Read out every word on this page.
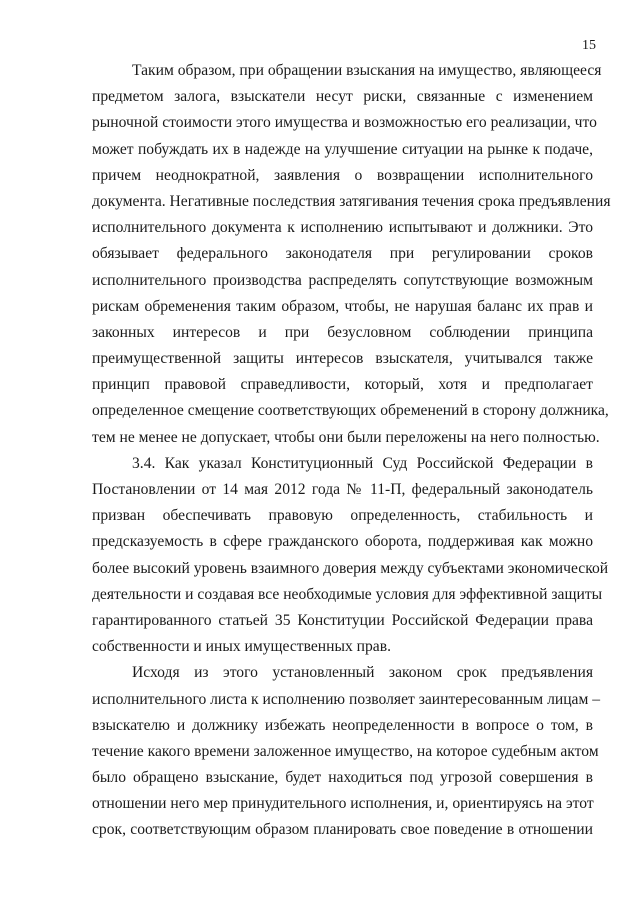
15
Таким образом, при обращении взыскания на имущество, являющееся
предметом залога, взыскатели несут риски, связанные с изменением
рыночной стоимости этого имущества и возможностью его реализации, что
может побуждать их в надежде на улучшение ситуации на рынке к подаче,
причем неоднократной, заявления о возвращении исполнительного
документа. Негативные последствия затягивания течения срока предъявления
исполнительного документа к исполнению испытывают и должники. Это
обязывает федерального законодателя при регулировании сроков
исполнительного производства распределять сопутствующие возможным
рискам обременения таким образом, чтобы, не нарушая баланс их прав и
законных интересов и при безусловном соблюдении принципа
преимущественной защиты интересов взыскателя, учитывался также
принцип правовой справедливости, который, хотя и предполагает
определенное смещение соответствующих обременений в сторону должника,
тем не менее не допускает, чтобы они были переложены на него полностью.
3.4. Как указал Конституционный Суд Российской Федерации в
Постановлении от 14 мая 2012 года № 11-П, федеральный законодатель
призван обеспечивать правовую определенность, стабильность и
предсказуемость в сфере гражданского оборота, поддерживая как можно
более высокий уровень взаимного доверия между субъектами экономической
деятельности и создавая все необходимые условия для эффективной защиты
гарантированного статьей 35 Конституции Российской Федерации права
собственности и иных имущественных прав.
Исходя из этого установленный законом срок предъявления
исполнительного листа к исполнению позволяет заинтересованным лицам –
взыскателю и должнику избежать неопределенности в вопросе о том, в
течение какого времени заложенное имущество, на которое судебным актом
было обращено взыскание, будет находиться под угрозой совершения в
отношении него мер принудительного исполнения, и, ориентируясь на этот
срок, соответствующим образом планировать свое поведение в отношении
